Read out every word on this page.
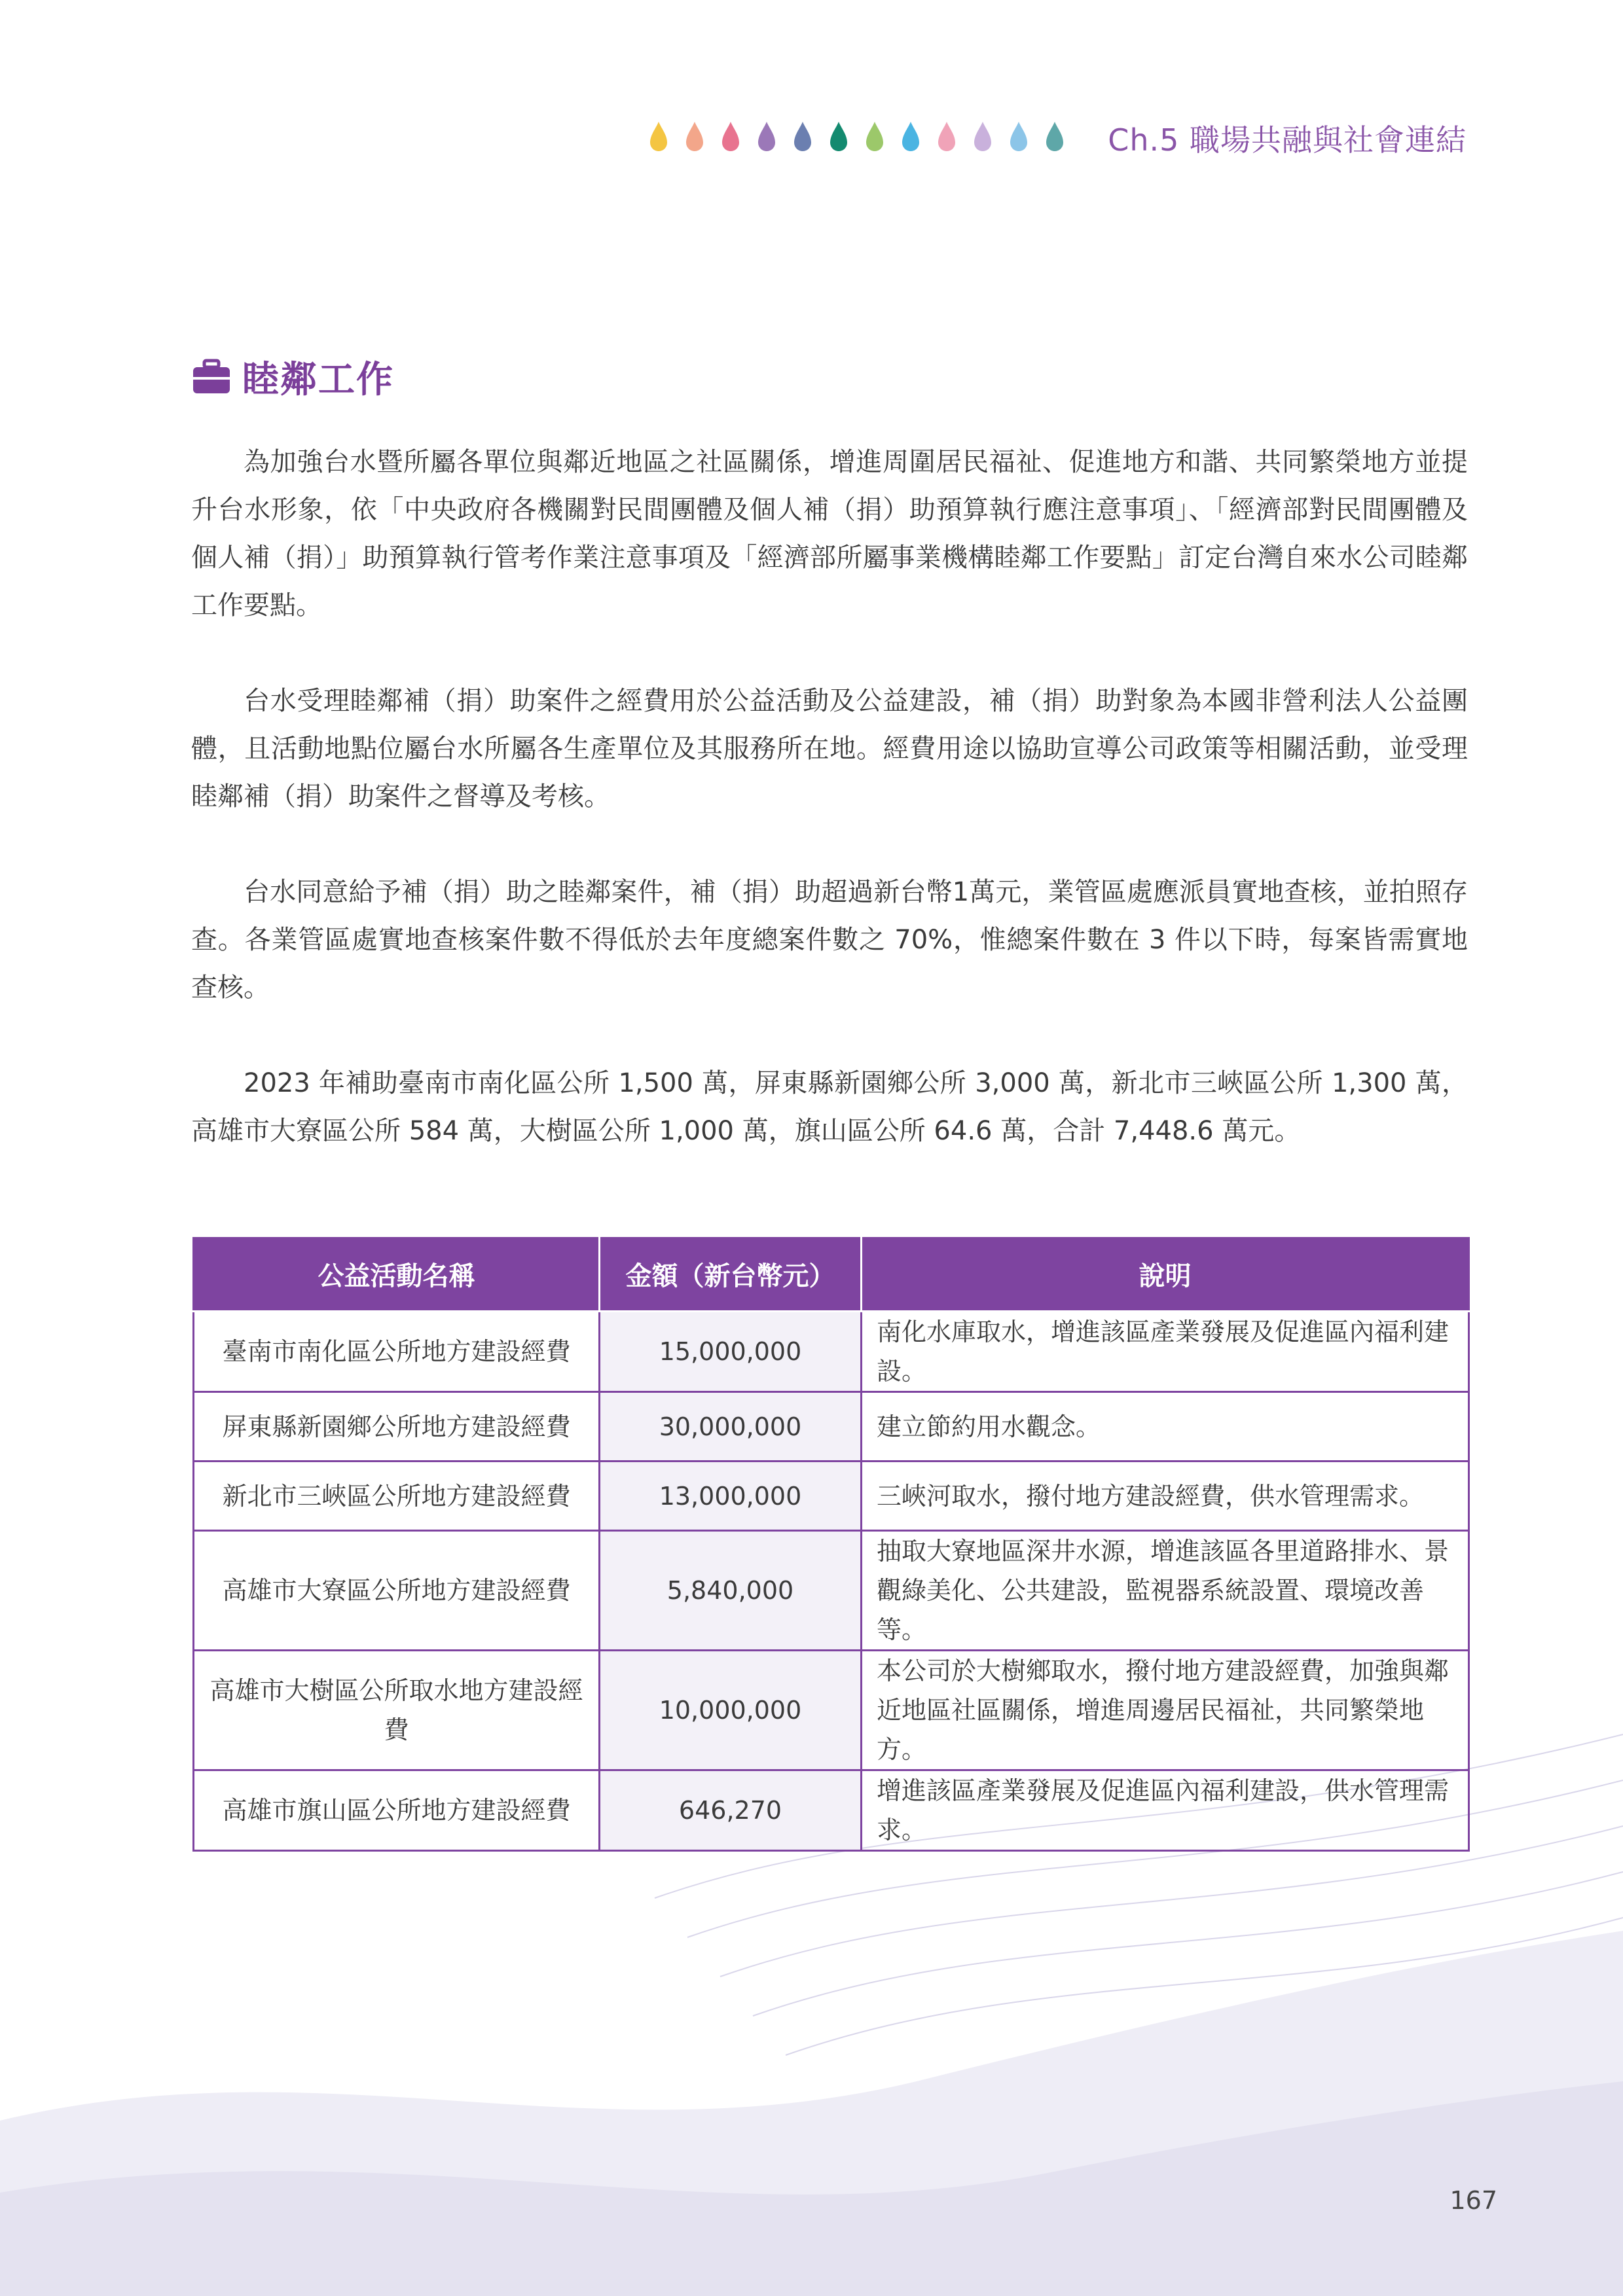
Ch.5 職場共融與社會連結
睦鄰工作

為加強台水暨所屬各單位與鄰近地區之社區關係，增進周圍居民福祉、促進地方和諧、共同繁榮地方並提升台水形象，依「中央政府各機關對民間團體及個人補（捐）助預算執行應注意事項」、「經濟部對民間團體及個人補（捐）」助預算執行管考作業注意事項及「經濟部所屬事業機構睦鄰工作要點」訂定台灣自來水公司睦鄰工作要點。

台水受理睦鄰補（捐）助案件之經費用於公益活動及公益建設，補（捐）助對象為本國非營利法人公益團體，且活動地點位屬台水所屬各生產單位及其服務所在地。經費用途以協助宣導公司政策等相關活動，並受理睦鄰補（捐）助案件之督導及考核。

台水同意給予補（捐）助之睦鄰案件，補（捐）助超過新台幣1萬元，業管區處應派員實地查核，並拍照存查。各業管區處實地查核案件數不得低於去年度總案件數之 70%，惟總案件數在 3 件以下時，每案皆需實地查核。

2023 年補助臺南市南化區公所 1,500 萬，屏東縣新園鄉公所 3,000 萬，新北市三峽區公所 1,300 萬，高雄市大寮區公所 584 萬，大樹區公所 1,000 萬，旗山區公所 64.6 萬，合計 7,448.6 萬元。

公益活動名稱	金額（新台幣元）	說明
臺南市南化區公所地方建設經費	15,000,000	南化水庫取水，增進該區產業發展及促進區內福利建設。
屏東縣新園鄉公所地方建設經費	30,000,000	建立節約用水觀念。
新北市三峽區公所地方建設經費	13,000,000	三峽河取水，撥付地方建設經費，供水管理需求。
高雄市大寮區公所地方建設經費	5,840,000	抽取大寮地區深井水源，增進該區各里道路排水、景觀綠美化、公共建設，監視器系統設置、環境改善等。
高雄市大樹區公所取水地方建設經費	10,000,000	本公司於大樹鄉取水，撥付地方建設經費，加強與鄰近地區社區關係，增進周邊居民福祉，共同繁榮地方。
高雄市旗山區公所地方建設經費	646,270	增進該區產業發展及促進區內福利建設，供水管理需求。
167
